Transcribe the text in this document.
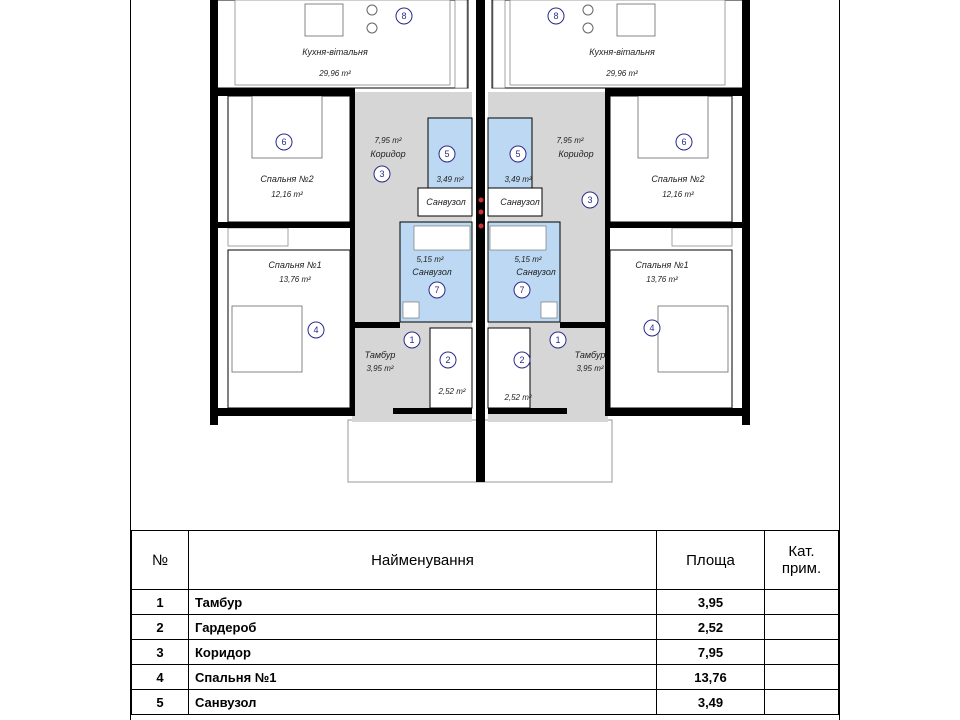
8
Кухня-вітальня
29,96 m²
6
Спальня №2
12,16 m²
7,95 m²
Коридор
3
5
3,49 m²
Санвузол
5,15 m²
Санвузол
7
Спальня №1
13,76 m²
4
1
Тамбур
3,95 m²
2
2,52 m²
8
Кухня-вітальня
29,96 m²
6
Спальня №2
12,16 m²
7,95 m²
Коридор
3
5
3,49 m²
Санвузол
5,15 m²
Санвузол
7
Спальня №1
13,76 m²
4
1
Тамбур
3,95 m²
2
2,52 m²
№	Найменування	Площа	Кат. прим.
1	Тамбур	3,95	
2	Гардероб	2,52	
3	Коридор	7,95	
4	Спальня №1	13,76	
5	Санвузол	3,49	
